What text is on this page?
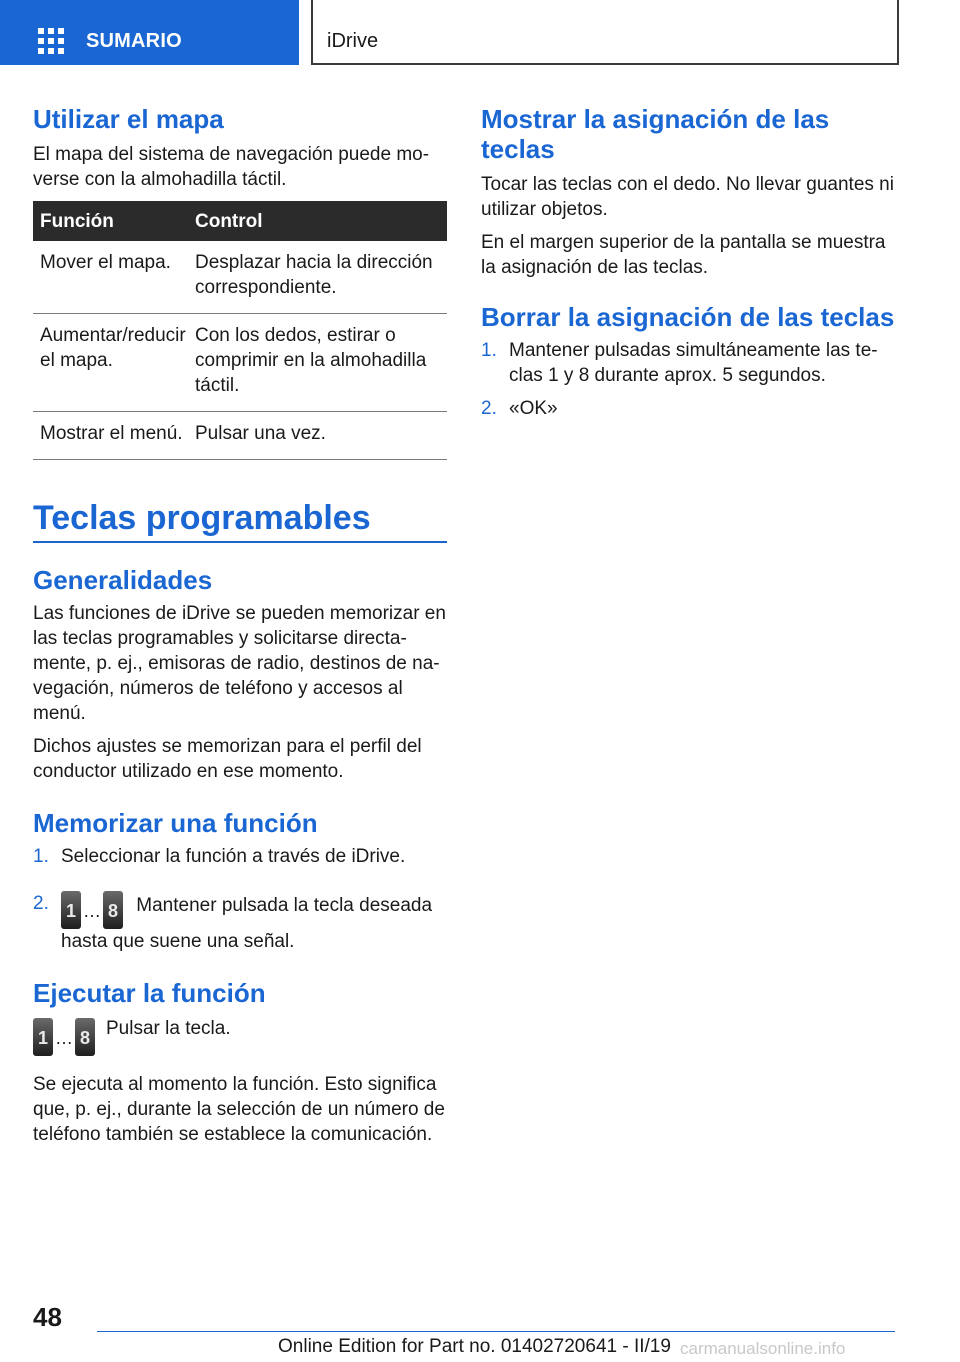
SUMARIO	iDrive
Utilizar el mapa

El mapa del sistema de navegación puede moverse con la almohadilla táctil.

Función	Control
Mover el mapa.	Desplazar hacia la dirección correspondiente.
Aumentar/reducir el mapa.	Con los dedos, estirar o comprimir en la almohadilla táctil.
Mostrar el menú.	Pulsar una vez.
Teclas programables
Generalidades

Las funciones de iDrive se pueden memorizar en las teclas programables y solicitarse directamente, p. ej., emisoras de radio, destinos de navegación, números de teléfono y accesos al menú.

Dichos ajustes se memorizan para el perfil del conductor utilizado en ese momento.

Memorizar una función
1. Seleccionar la función a través de iDrive.
2. 1 … 8 Mantener pulsada la tecla deseada hasta que suene una señal.
Ejecutar la función
1 … 8 Pulsar la tecla.

Se ejecuta al momento la función. Esto significa que, p. ej., durante la selección de un número de teléfono también se establece la comunicación.

Mostrar la asignación de las teclas

Tocar las teclas con el dedo. No llevar guantes ni utilizar objetos.

En el margen superior de la pantalla se muestra la asignación de las teclas.

Borrar la asignación de las teclas
1. Mantener pulsadas simultáneamente las teclas 1 y 8 durante aprox. 5 segundos.
2. «OK»
48
Online Edition for Part no. 01402720641 - II/19 carmanualsonline.info
